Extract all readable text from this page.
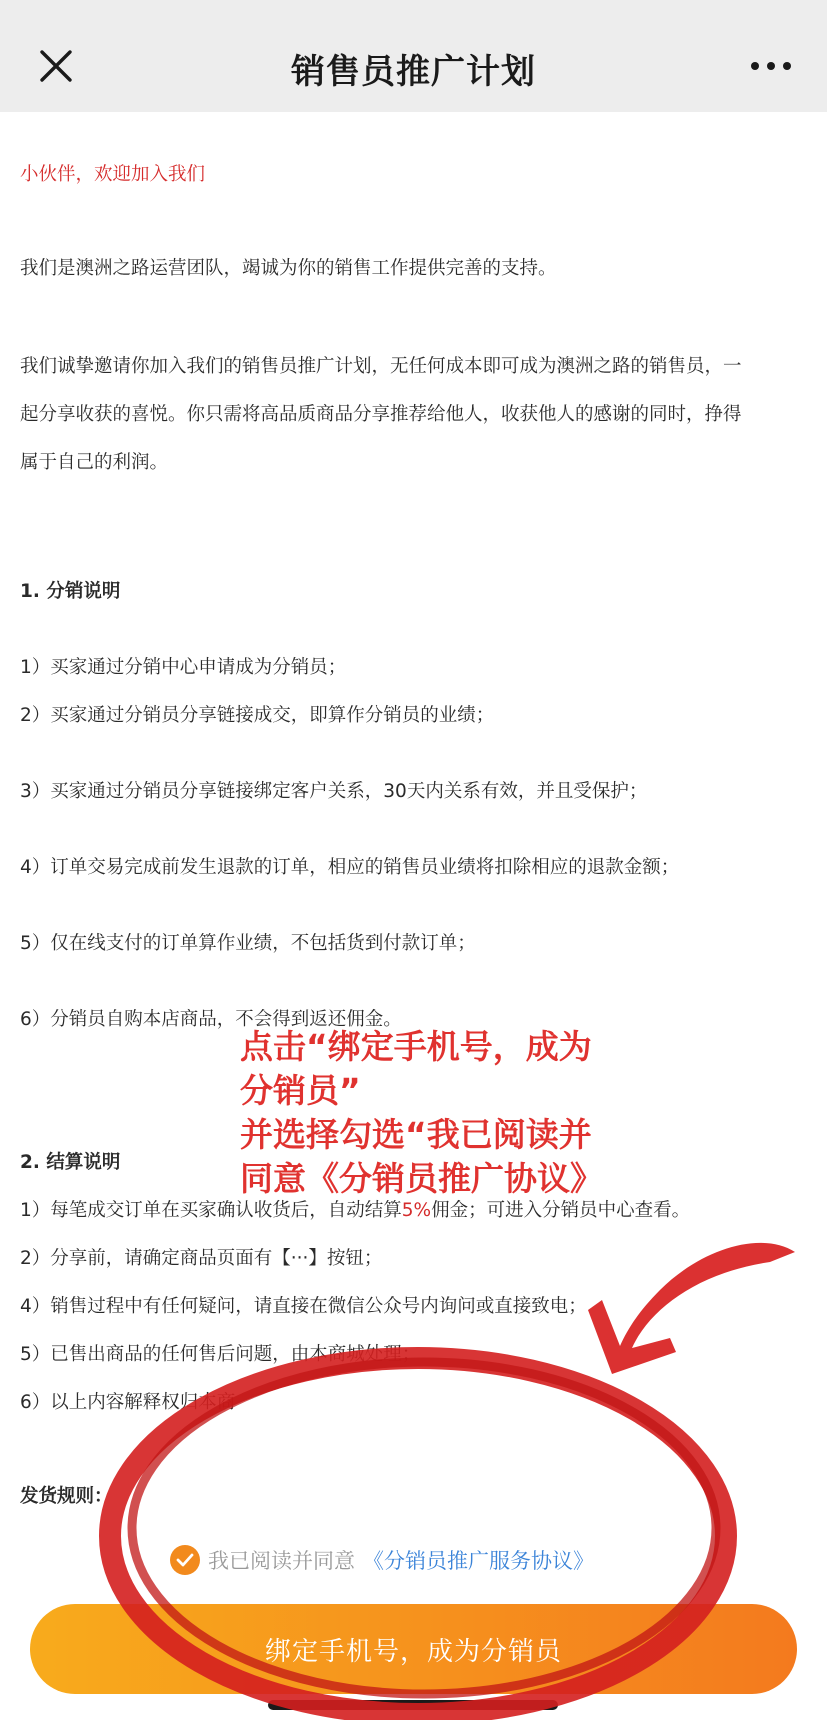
销售员推广计划
小伙伴，欢迎加入我们
我们是澳洲之路运营团队，竭诚为你的销售工作提供完善的支持。
我们诚挚邀请你加入我们的销售员推广计划，无任何成本即可成为澳洲之路的销售员，一
起分享收获的喜悦。你只需将高品质商品分享推荐给他人，收获他人的感谢的同时，挣得
属于自己的利润。
1. 分销说明
1）买家通过分销中心申请成为分销员；
2）买家通过分销员分享链接成交，即算作分销员的业绩；
3）买家通过分销员分享链接绑定客户关系，30天内关系有效，并且受保护；
4）订单交易完成前发生退款的订单，相应的销售员业绩将扣除相应的退款金额；
5）仅在线支付的订单算作业绩，不包括货到付款订单；
6）分销员自购本店商品，不会得到返还佣金。
2. 结算说明
1）每笔成交订单在买家确认收货后，自动结算5%佣金；可进入分销员中心查看。
2）分享前，请确定商品页面有【···】按钮；
4）销售过程中有任何疑问，请直接在微信公众号内询问或直接致电；
5）已售出商品的任何售后问题，由本商城处理；
6）以上内容解释权归本商
发货规则：
点击“绑定手机号，成为
分销员”
并选择勾选“我已阅读并
同意《分销员推广协议》
我已阅读并同意 《分销员推广服务协议》
绑定手机号，成为分销员
